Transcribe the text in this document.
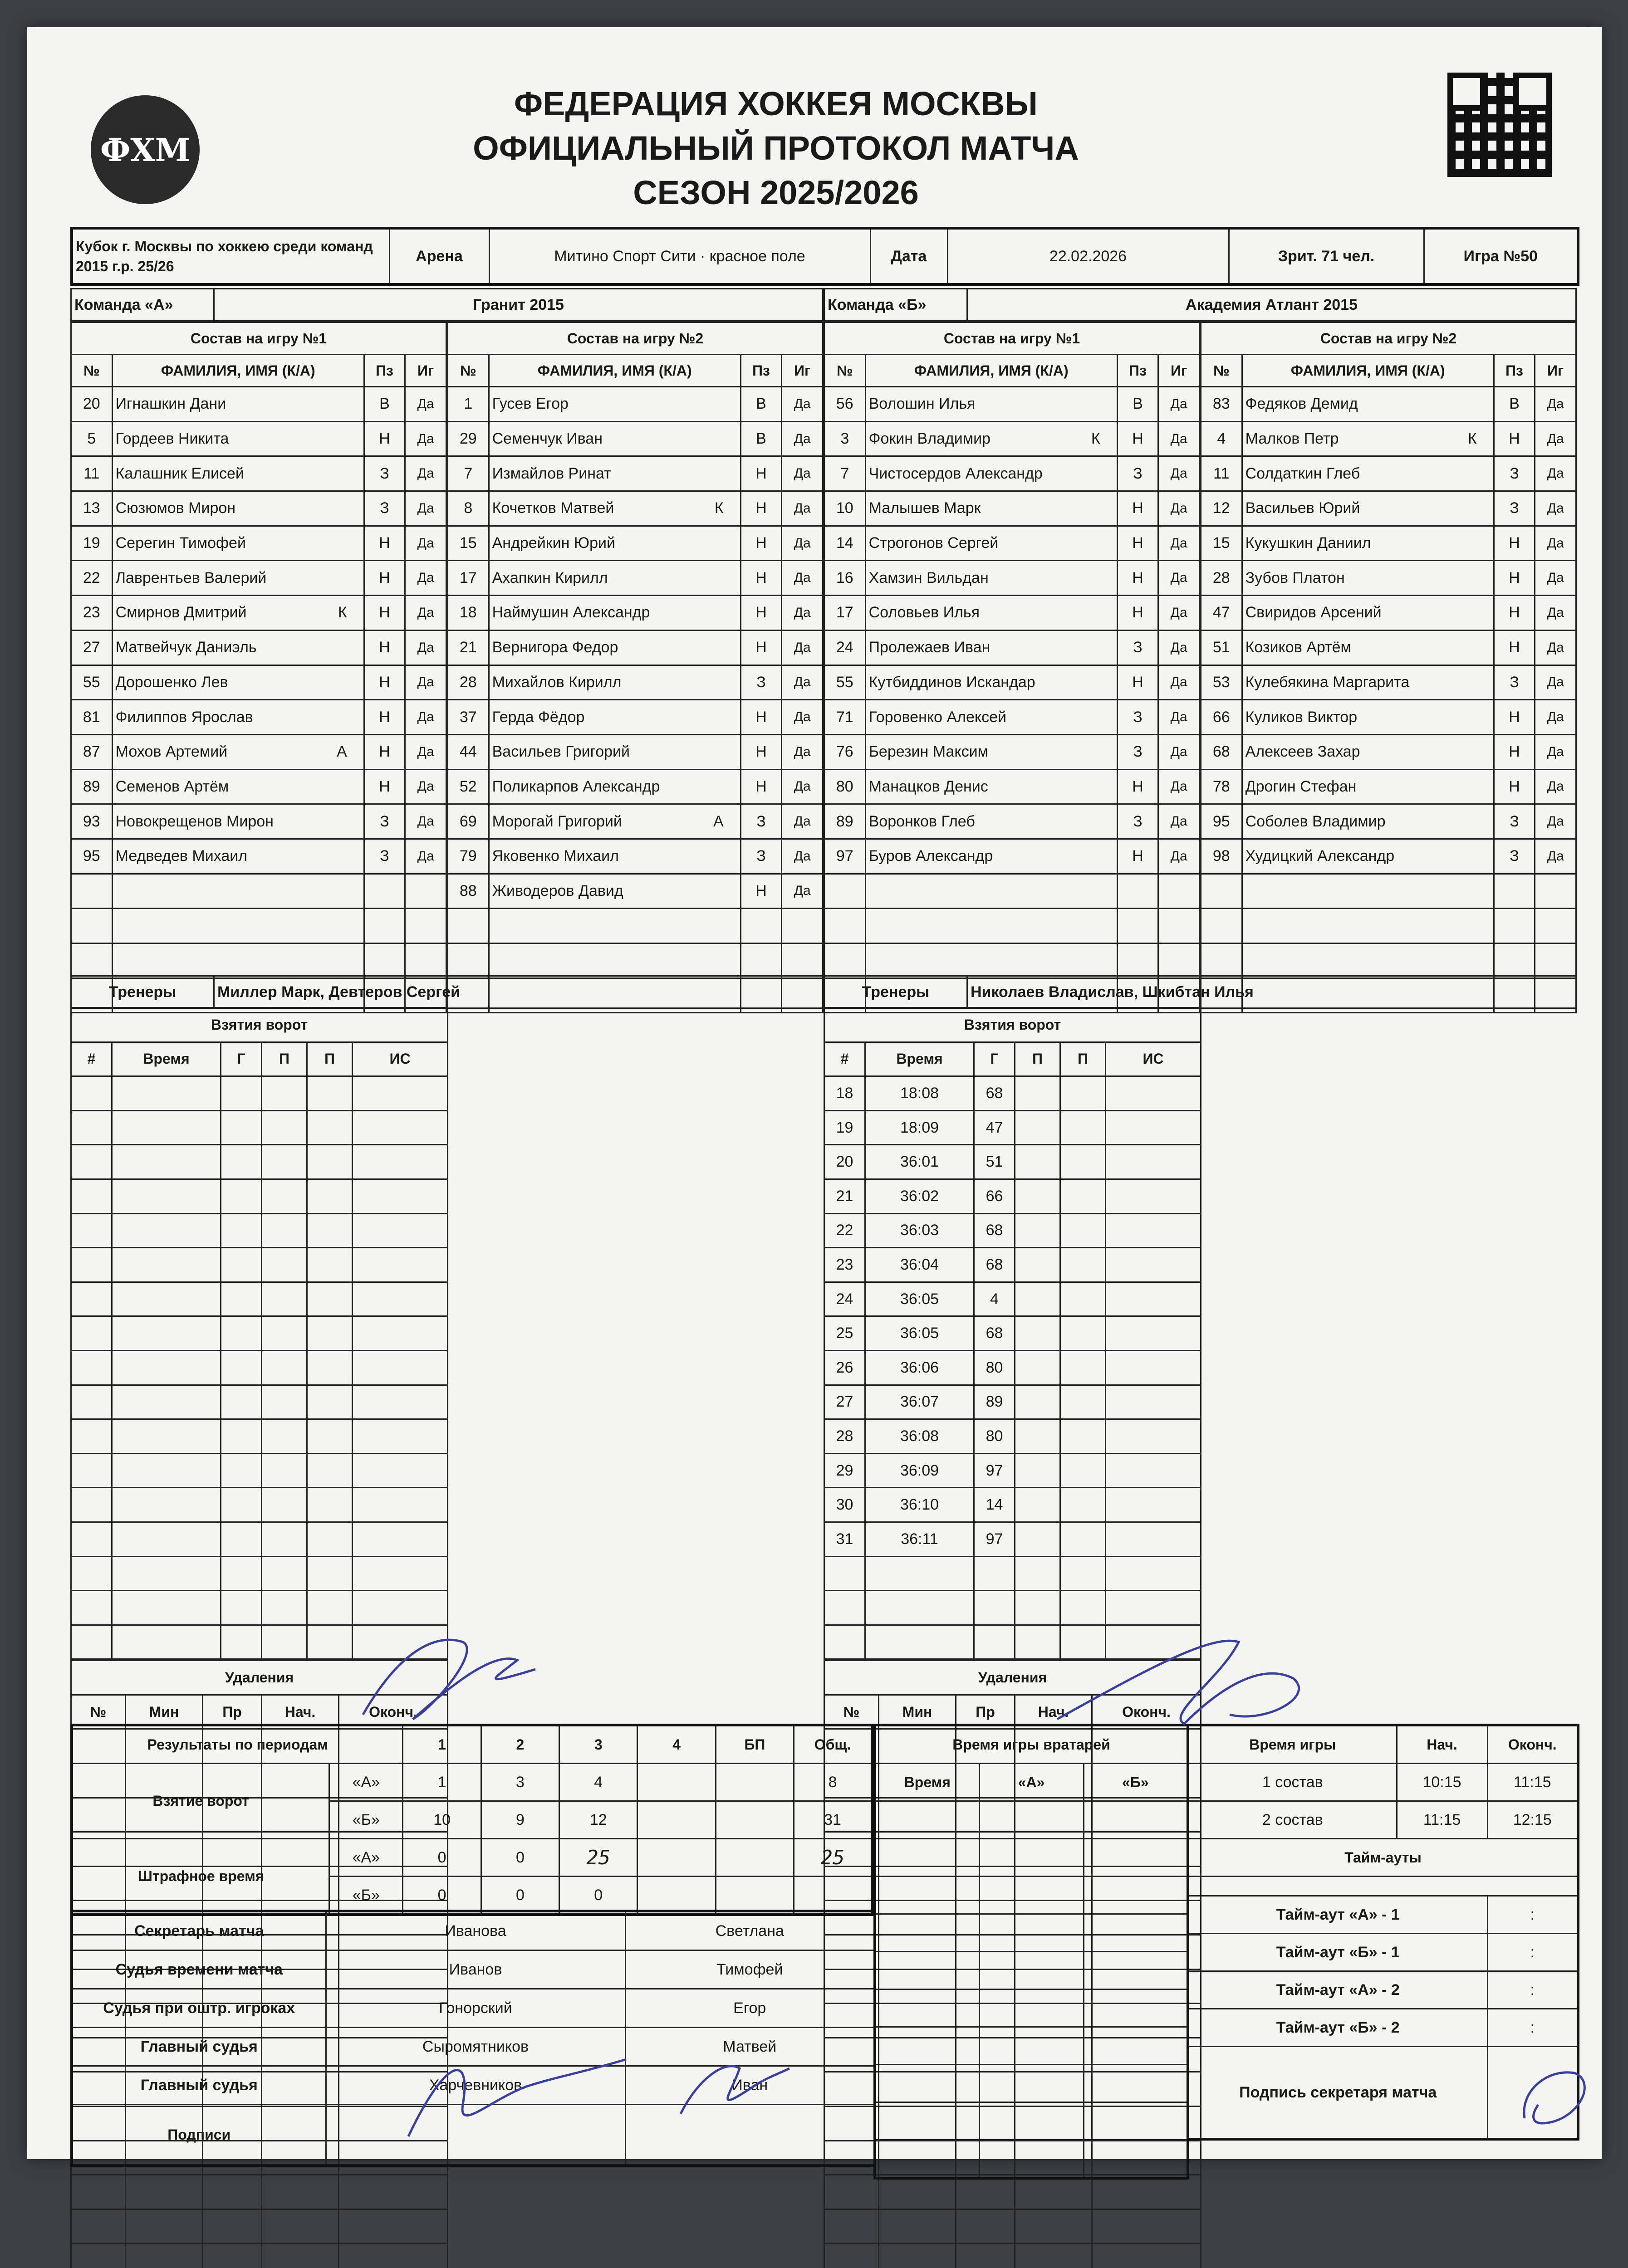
ФХМ
ФЕДЕРАЦИЯ ХОККЕЯ МОСКВЫ
ОФИЦИАЛЬНЫЙ ПРОТОКОЛ МАТЧА
СЕЗОН 2025/2026
Кубок г. Москвы по хоккею среди команд 2015 г.р. 25/26	Арена	Митино Спорт Сити · красное поле	Дата	22.02.2026	Зрит. 71 чел.	Игра №50
Команда «А»	Гранит 2015
Состав на игру №1			
№	ФАМИЛИЯ, ИМЯ (К/А)	Пз	Иг
20	Игнашкин Дани	В	Да
5	Гордеев Никита	Н	Да
11	Калашник Елисей	З	Да
13	Сюзюмов Мирон	З	Да
19	Серегин Тимофей	Н	Да
22	Лаврентьев Валерий	Н	Да
23	Смирнов Дмитрий К	Н	Да
27	Матвейчук Даниэль	Н	Да
55	Дорошенко Лев	Н	Да
81	Филиппов Ярослав	Н	Да
87	Мохов Артемий А	Н	Да
89	Семенов Артём	Н	Да
93	Новокрещенов Мирон	З	Да
95	Медведев Михаил	З	Да

Состав на игру №2			
№	ФАМИЛИЯ, ИМЯ (К/А)	Пз	Иг
1	Гусев Егор	В	Да
29	Семенчук Иван	В	Да
7	Измайлов Ринат	Н	Да
8	Кочетков Матвей К	Н	Да
15	Андрейкин Юрий	Н	Да
17	Ахапкин Кирилл	Н	Да
18	Наймушин Александр	Н	Да
21	Вернигора Федор	Н	Да
28	Михайлов Кирилл	З	Да
37	Герда Фёдор	Н	Да
44	Васильев Григорий	Н	Да
52	Поликарпов Александр	Н	Да
69	Морогай Григорий А	З	Да
79	Яковенко Михаил	З	Да
88	Живодеров Давид	Н	Да

Команда «Б»	Академия Атлант 2015
Состав на игру №1			
№	ФАМИЛИЯ, ИМЯ (К/А)	Пз	Иг
56	Волошин Илья	В	Да
3	Фокин Владимир К	Н	Да
7	Чистосердов Александр	З	Да
10	Малышев Марк	Н	Да
14	Строгонов Сергей	Н	Да
16	Хамзин Вильдан	Н	Да
17	Соловьев Илья	Н	Да
24	Пролежаев Иван	З	Да
55	Кутбиддинов Искандар	Н	Да
71	Горовенко Алексей	З	Да
76	Березин Максим	З	Да
80	Манацков Денис	Н	Да
89	Воронков Глеб	З	Да
97	Буров Александр	Н	Да

Состав на игру №2			
№	ФАМИЛИЯ, ИМЯ (К/А)	Пз	Иг
83	Федяков Демид	В	Да
4	Малков Петр К	Н	Да
11	Солдаткин Глеб	З	Да
12	Васильев Юрий	З	Да
15	Кукушкин Даниил	Н	Да
28	Зубов Платон	Н	Да
47	Свиридов Арсений	Н	Да
51	Козиков Артём	Н	Да
53	Кулебякина Маргарита	З	Да
66	Куликов Виктор	Н	Да
68	Алексеев Захар	Н	Да
78	Дрогин Стефан	Н	Да
95	Соболев Владимир	З	Да
98	Худицкий Александр	З	Да

Тренеры	Миллер Марк, Девтеров Сергей	Тренеры	Николаев Владислав, Шкибтан Илья
Взятия ворот					
#	Время	Г	П	П	ИС

Удаления				
№	Мин	Пр	Нач.	Оконч.

Взятия ворот					
#	Время	Г	П	П	ИС
18	18:08	68			
19	18:09	47			
20	36:01	51			
21	36:02	66			
22	36:03	68			
23	36:04	68			
24	36:05	4			
25	36:05	68			
26	36:06	80			
27	36:07	89			
28	36:08	80			
29	36:09	97			
30	36:10	14			
31	36:11	97			

Удаления				
№	Мин	Пр	Нач.	Оконч.

Результаты по периодам		1	2	3	4	БП	Общ.
Взятие ворот	«А»	1	3	4			8
	«Б»	10	9	12			31
Штрафное время	«А»	0	0	25			25
	«Б»	0	0	0			
Секретарь матча	Иванова	Светлана
Судья времени матча	Иванов	Тимофей
Судья при оштр. игроках	Гонорский	Егор
Главный судья	Сыромятников	Матвей
Главный судья	Харчевников	Иван
Подписи		
Время игры вратарей		
Время	«А»	«Б»

Время игры	Нач.	Оконч.
1 состав	10:15	11:15
2 состав	11:15	12:15
Тайм-ауты		

Тайм-аут «А» - 1		:
Тайм-аут «Б» - 1		:
Тайм-аут «А» - 2		:
Тайм-аут «Б» - 2		:
Подпись секретаря матча		
